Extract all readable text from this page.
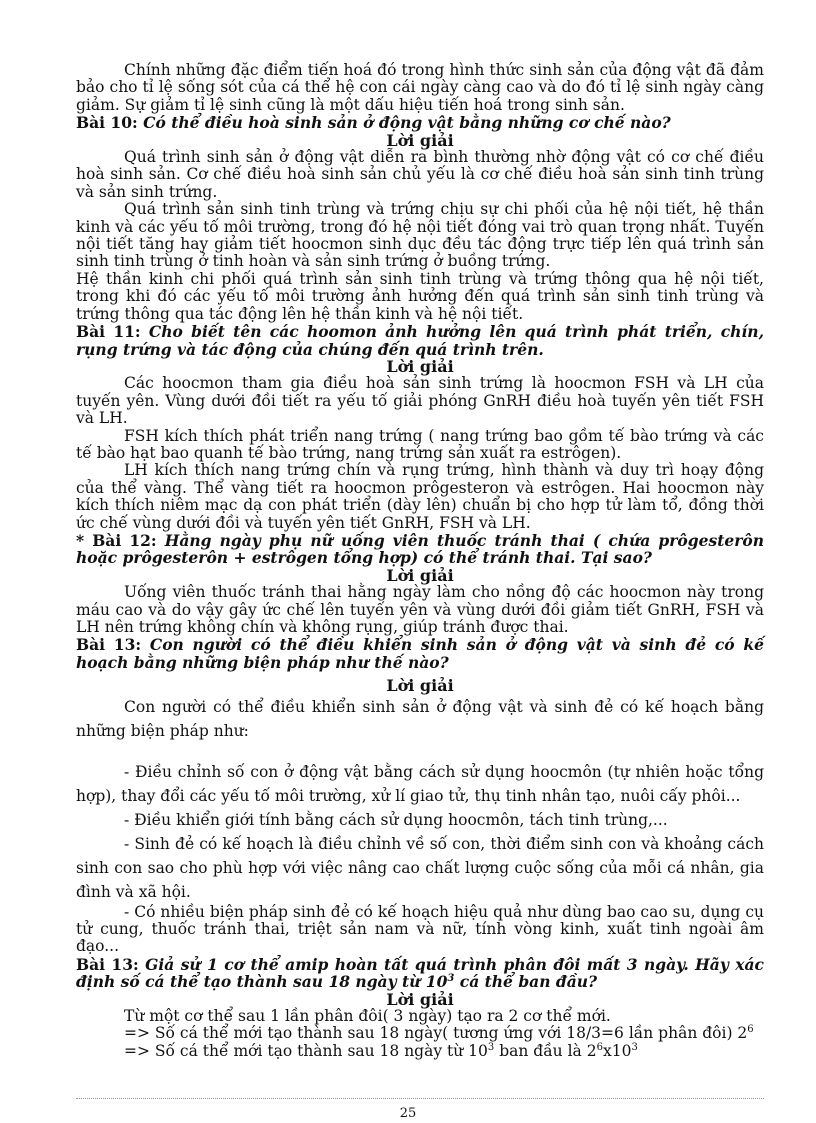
Chính những đặc điểm tiến hoá đó trong hình thức sinh sản của động vật đã đảm bảo cho tỉ lệ sống sót của cá thể hệ con cái ngày càng cao và do đó tỉ lệ sinh ngày càng giảm. Sự giảm tỉ lệ sinh cũng là một dấu hiệu tiến hoá trong sinh sản.

Bài 10: Có thể điều hoà sinh sản ở động vật bằng những cơ chế nào?

Lời giải

Quá trình sinh sản ở động vật diễn ra bình thường nhờ động vật có cơ chế điều hoà sinh sản. Cơ chế điều hoà sinh sản chủ yếu là cơ chế điều hoà sản sinh tinh trùng và sản sinh trứng.

Quá trình sản sinh tinh trùng và trứng chịu sự chi phối của hệ nội tiết, hệ thần kinh và các yếu tố môi trường, trong đó hệ nội tiết đóng vai trò quan trọng nhất. Tuyến nội tiết tăng hay giảm tiết hoocmon sinh dục đều tác động trực tiếp lên quá trình sản sinh tinh trùng ở tinh hoàn và sản sinh trứng ở buồng trứng.

Hệ thần kinh chi phối quá trình sản sinh tinh trùng và trứng thông qua hệ nội tiết, trong khi đó các yếu tố môi trường ảnh hưởng đến quá trình sản sinh tinh trùng và trứng thông qua tác động lên hệ thần kinh và hệ nội tiết.

Bài 11: Cho biết tên các hoomon ảnh hưởng lên quá trình phát triển, chín, rụng trứng và tác động của chúng đến quá trình trên.

Lời giải

Các hoocmon tham gia điều hoà sản sinh trứng là hoocmon FSH và LH của tuyến yên. Vùng dưới đồi tiết ra yếu tố giải phóng GnRH điều hoà tuyến yên tiết FSH và LH.

FSH kích thích phát triển nang trứng ( nang trứng bao gồm tế bào trứng và các tế bào hạt bao quanh tế bào trứng, nang trứng sản xuất ra estrôgen).

LH kích thích nang trứng chín và rụng trứng, hình thành và duy trì hoạy động của thể vàng. Thể vàng tiết ra hoocmon prôgesteron và estrôgen. Hai hoocmon này kích thích niêm mạc dạ con phát triển (dày lên) chuẩn bị cho hợp tử làm tổ, đồng thời ức chế vùng dưới đồi và tuyến yên tiết GnRH, FSH và LH.

* Bài 12: Hằng ngày phụ nữ uống viên thuốc tránh thai ( chứa prôgesterôn hoặc prôgesterôn + estrôgen tổng hợp) có thể tránh thai. Tại sao?

Lời giải

Uống viên thuốc tránh thai hằng ngày làm cho nồng độ các hoocmon này trong máu cao và do vậy gây ức chế lên tuyến yên và vùng dưới đồi giảm tiết GnRH, FSH và LH nên trứng không chín và không rụng, giúp tránh được thai.

Bài 13: Con người có thể điều khiển sinh sản ở động vật và sinh đẻ có kế hoạch bằng những biện pháp như thế nào?

Lời giải

Con người có thể điều khiển sinh sản ở động vật và sinh đẻ có kế hoạch bằng những biện pháp như:

- Điều chỉnh số con ở động vật bằng cách sử dụng hoocmôn (tự nhiên hoặc tổng hợp), thay đổi các yếu tố môi trường, xử lí giao tử, thụ tinh nhân tạo, nuôi cấy phôi...

- Điều khiển giới tính bằng cách sử dụng hoocmôn, tách tinh trùng,...

- Sinh đẻ có kế hoạch là điều chỉnh về số con, thời điểm sinh con và khoảng cách sinh con sao cho phù hợp với việc nâng cao chất lượng cuộc sống của mỗi cá nhân, gia đình và xã hội.

- Có nhiều biện pháp sinh đẻ có kế hoạch hiệu quả như dùng bao cao su, dụng cụ tử cung, thuốc tránh thai, triệt sản nam và nữ, tính vòng kinh, xuất tinh ngoài âm đạo...

Bài 13: Giả sử 1 cơ thể amip hoàn tất quá trình phân đôi mất 3 ngày. Hãy xác định số cá thể tạo thành sau 18 ngày từ $10^3$ cá thể ban đầu?

Lời giải

Từ một cơ thể sau 1 lần phân đôi( 3 ngày) tạo ra 2 cơ thể mới.

=> Số cá thể mới tạo thành sau 18 ngày( tương ứng với 18/3=6 lần phân đôi) $2^6$

=> Số cá thể mới tạo thành sau 18 ngày từ $10^3$ ban đầu là $2^6x10^3$

25
